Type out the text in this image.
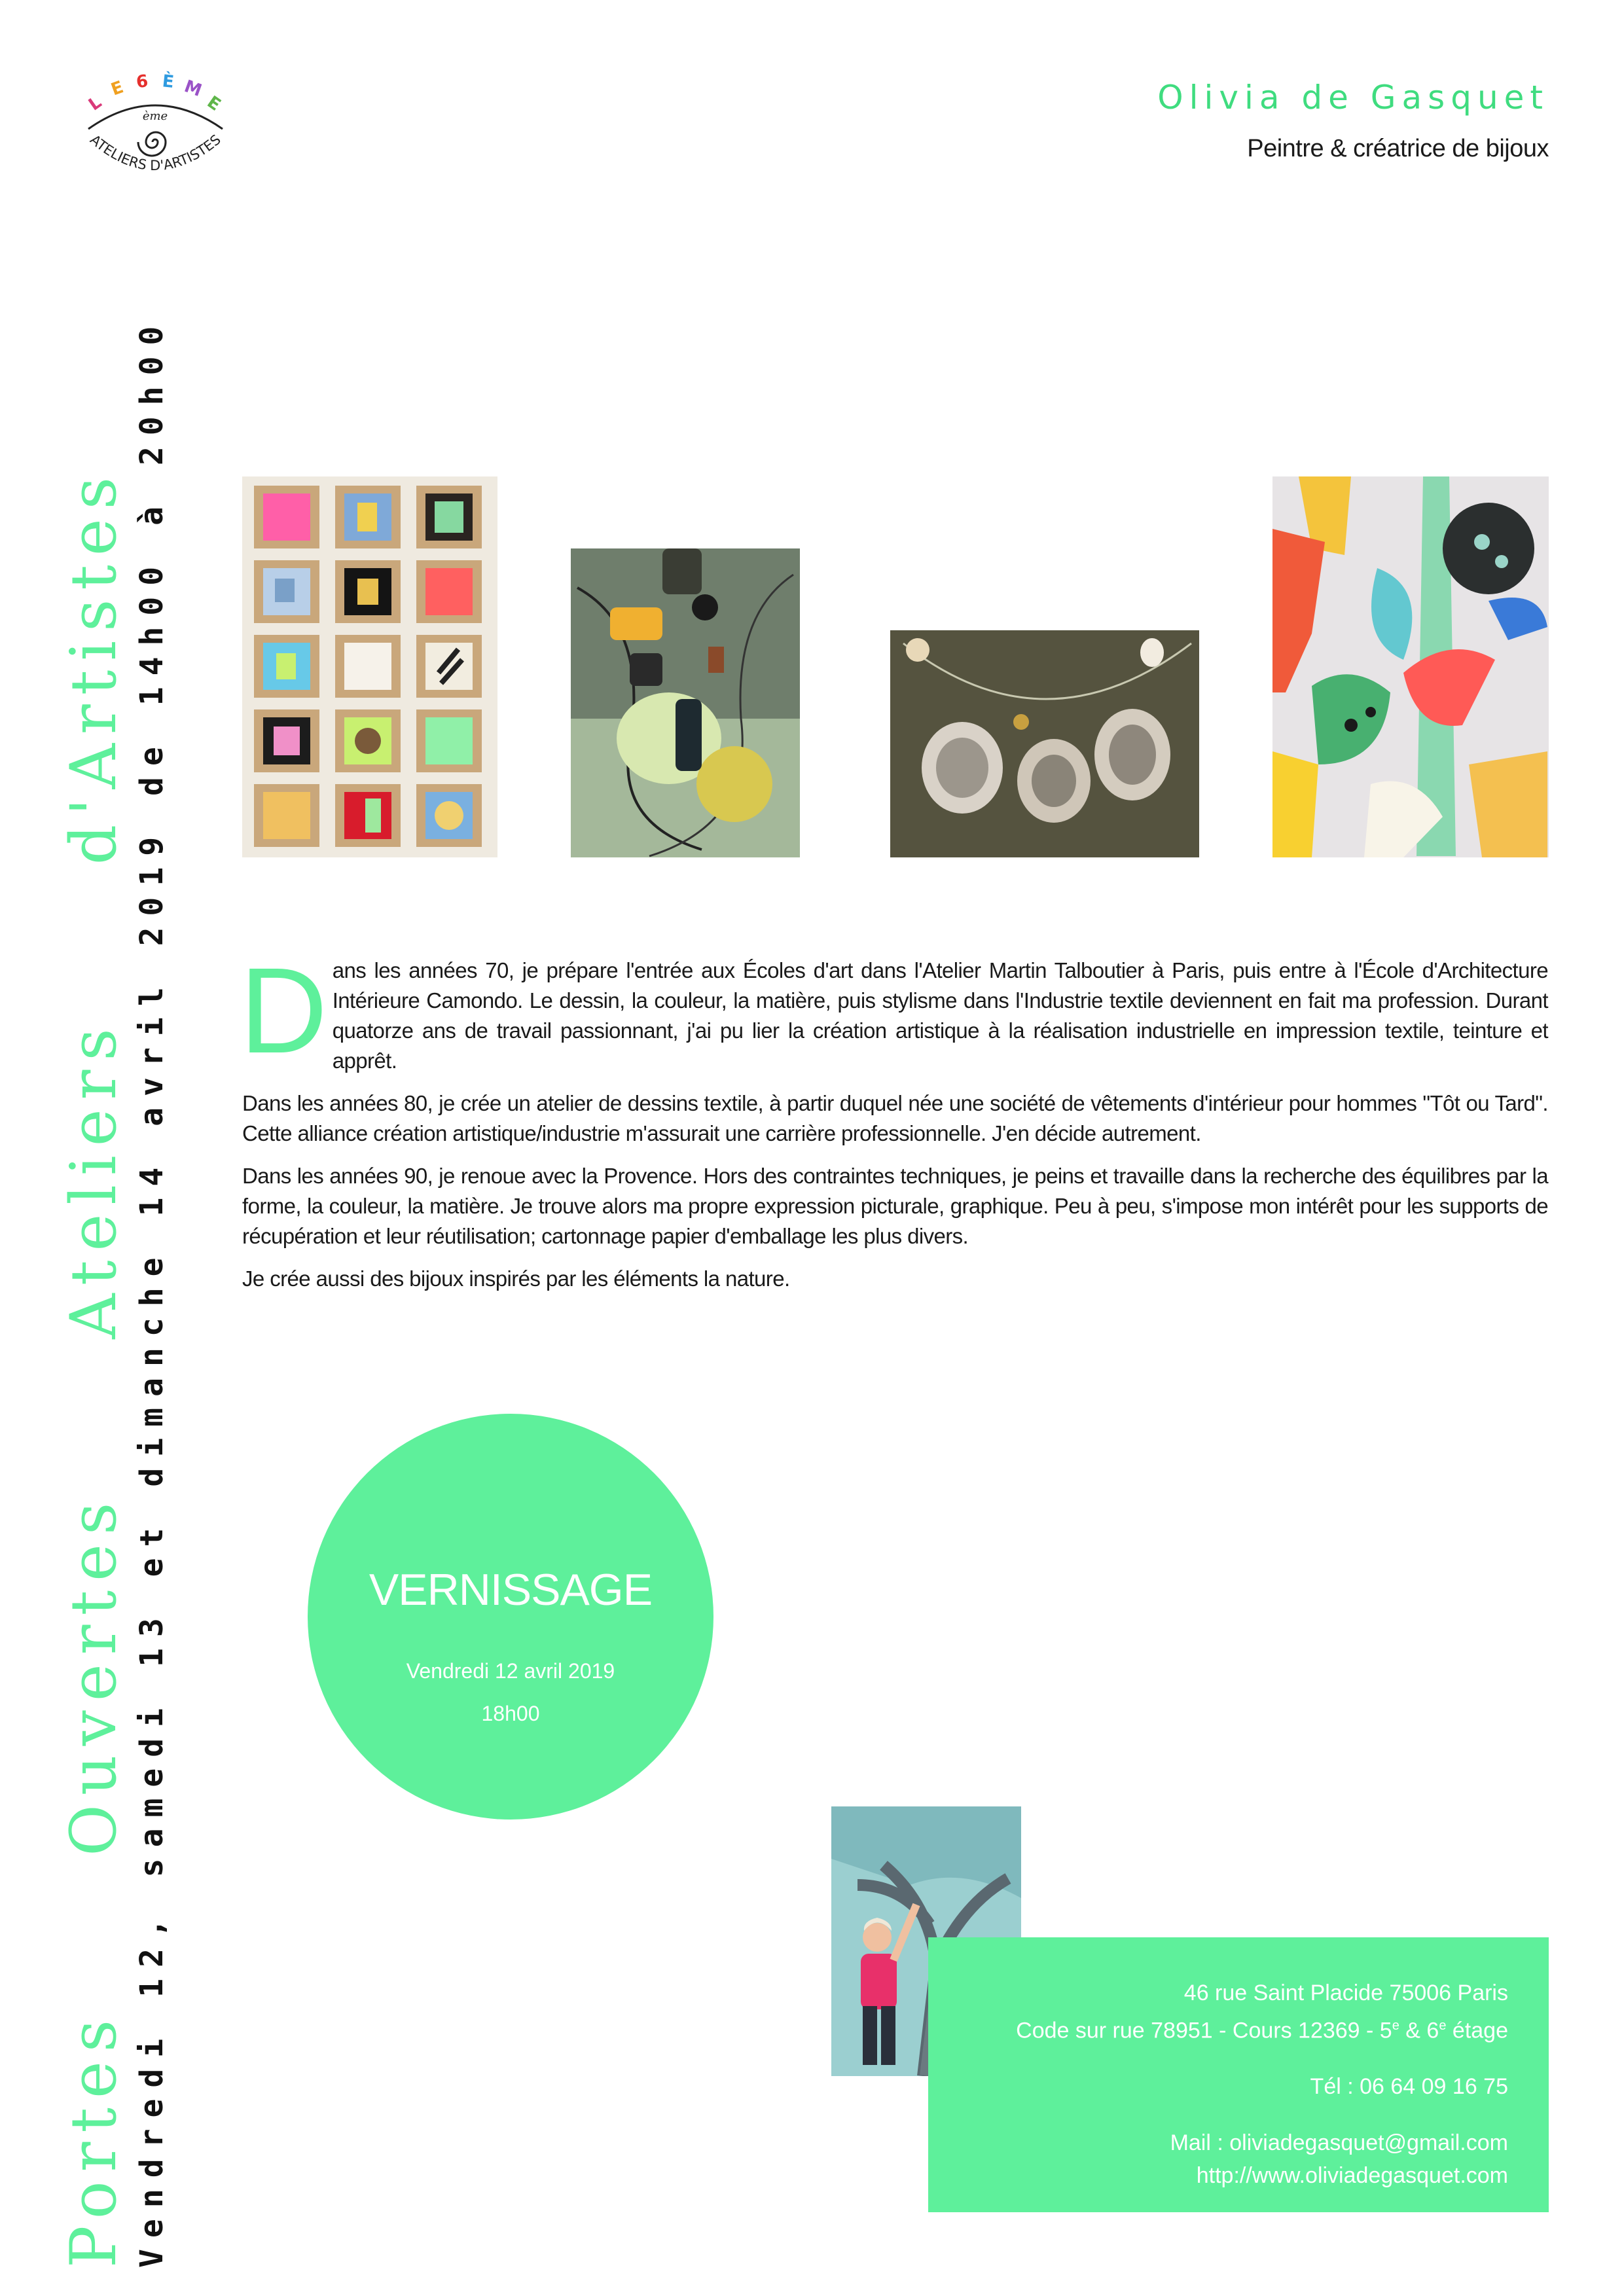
L
E 6 È M
E
ème
ATELIERS D'ARTISTES
Olivia de Gasquet
Peintre & créatrice de bijoux
Portes Ouvertes Ateliers d'Artistes Vendredi 12, samedi 13 et dimanche 14 avril 2019 de 14h00 à 20h00 Dans les années 70, je prépare l'entrée aux Écoles d'art dans l'Atelier Martin Talboutier à Paris, puis entre à l'École d'Architecture Intérieure Camondo. Le dessin, la couleur, la matière, puis stylisme dans l'Industrie textile deviennent en fait ma profession. Durant quatorze ans de travail passionnant, j'ai pu lier la création artistique à la réalisation industrielle en impression textile, teinture et apprêt.

Dans les années 80, je crée un atelier de dessins textile, à partir duquel née une société de vêtements d'intérieur pour hommes "Tôt ou Tard". Cette alliance création artistique/industrie m'assurait une carrière professionnelle. J'en décide autrement.

Dans les années 90, je renoue avec la Provence. Hors des contraintes techniques, je peins et travaille dans la recherche des équilibres par la forme, la couleur, la matière. Je trouve alors ma propre expression picturale, graphique. Peu à peu, s'impose mon intérêt pour les supports de récupération et leur réutilisation; cartonnage papier d'emballage les plus divers.

Je crée aussi des bijoux inspirés par les éléments la nature.

VERNISSAGE
Vendredi 12 avril 2019
18h00
46 rue Saint Placide 75006 Paris
Code sur rue 78951 - Cours 12369 - 5e & 6e étage
Tél : 06 64 09 16 75
Mail : oliviadegasquet@gmail.com
http://www.oliviadegasquet.com
